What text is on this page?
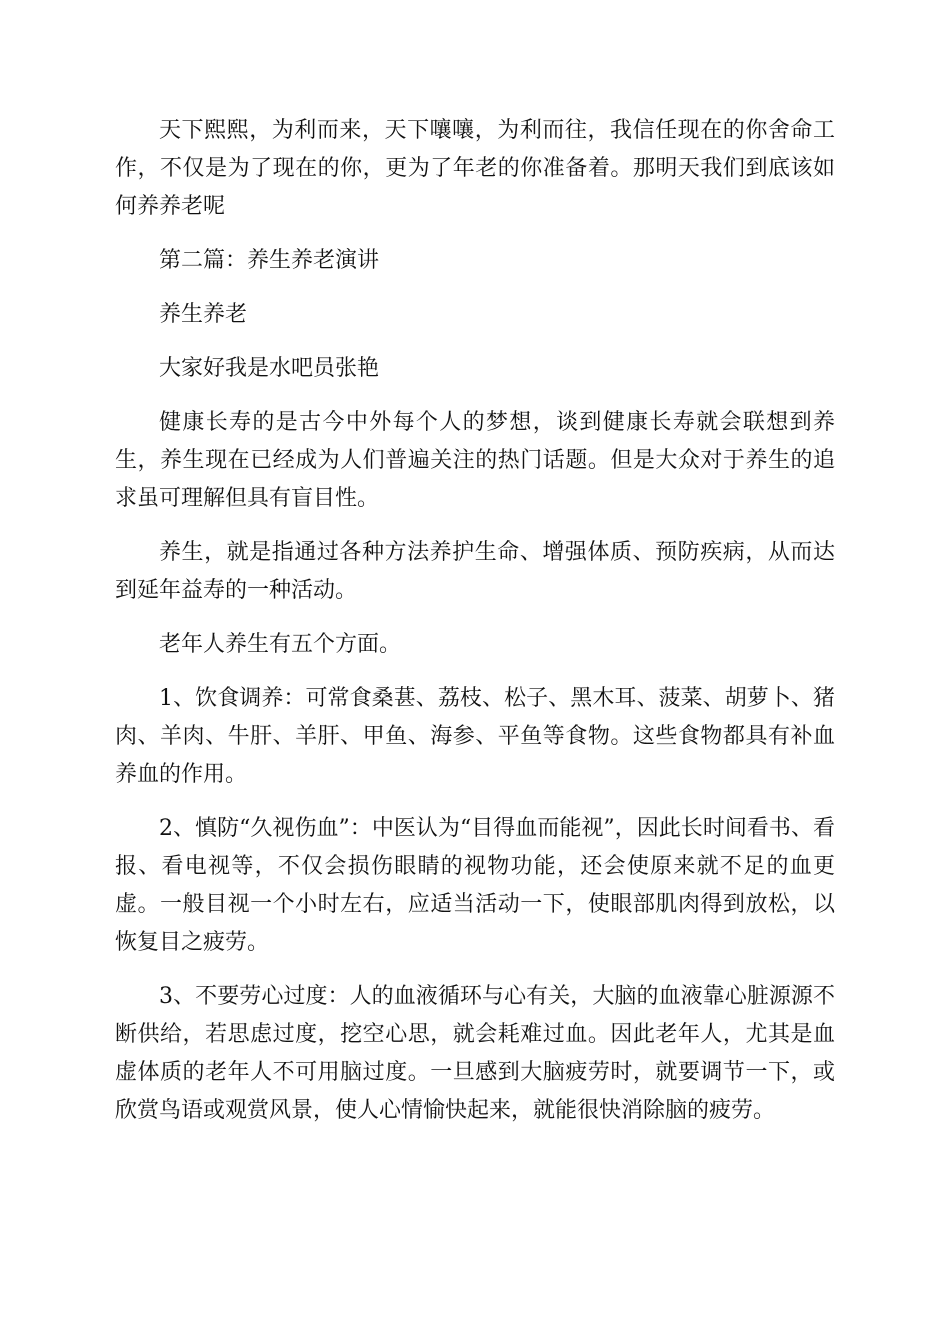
天下熙熙，为利而来，天下嚷嚷，为利而往，我信任现在的你舍命工作，不仅是为了现在的你，更为了年老的你准备着。那明天我们到底该如何养养老呢

第二篇：养生养老演讲

养生养老

大家好我是水吧员张艳

健康长寿的是古今中外每个人的梦想，谈到健康长寿就会联想到养生，养生现在已经成为人们普遍关注的热门话题。但是大众对于养生的追求虽可理解但具有盲目性。

养生，就是指通过各种方法养护生命、增强体质、预防疾病，从而达到延年益寿的一种活动。

老年人养生有五个方面。

1、饮食调养：可常食桑葚、荔枝、松子、黑木耳、菠菜、胡萝卜、猪肉、羊肉、牛肝、羊肝、甲鱼、海参、平鱼等食物。这些食物都具有补血养血的作用。

2、慎防“久视伤血”：中医认为“目得血而能视”，因此长时间看书、看报、看电视等，不仅会损伤眼睛的视物功能，还会使原来就不足的血更虚。一般目视一个小时左右，应适当活动一下，使眼部肌肉得到放松，以恢复目之疲劳。

3、不要劳心过度：人的血液循环与心有关，大脑的血液靠心脏源源不断供给，若思虑过度，挖空心思，就会耗难过血。因此老年人，尤其是血虚体质的老年人不可用脑过度。一旦感到大脑疲劳时，就要调节一下，或欣赏鸟语或观赏风景，使人心情愉快起来，就能很快消除脑的疲劳。
